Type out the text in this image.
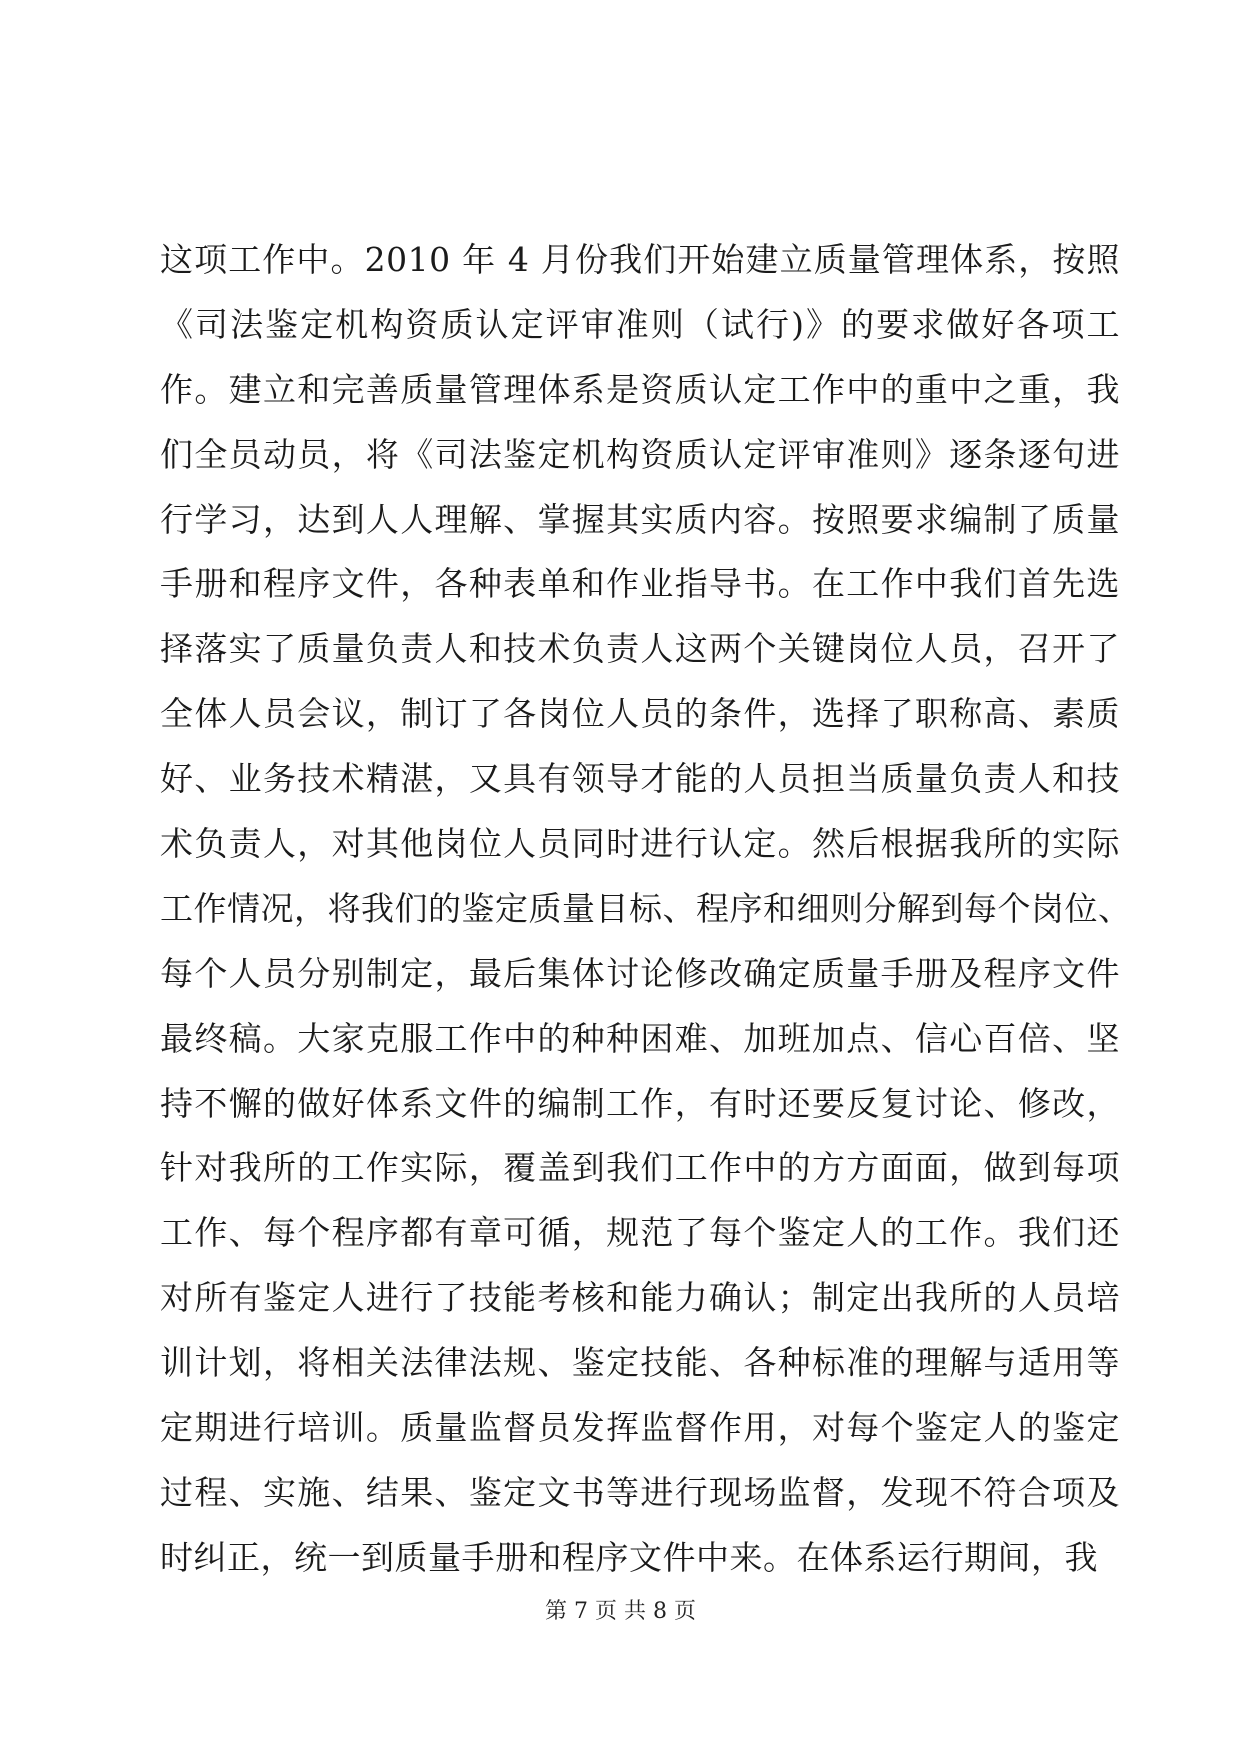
这项工作中。2010 年 4 月份我们开始建立质量管理体系，按照
《司法鉴定机构资质认定评审准则（试行)》的要求做好各项工
作。建立和完善质量管理体系是资质认定工作中的重中之重，我
们全员动员，将《司法鉴定机构资质认定评审准则》逐条逐句进
行学习，达到人人理解、掌握其实质内容。按照要求编制了质量
手册和程序文件，各种表单和作业指导书。在工作中我们首先选
择落实了质量负责人和技术负责人这两个关键岗位人员，召开了
全体人员会议，制订了各岗位人员的条件，选择了职称高、素质
好、业务技术精湛，又具有领导才能的人员担当质量负责人和技
术负责人，对其他岗位人员同时进行认定。然后根据我所的实际
工作情况，将我们的鉴定质量目标、程序和细则分解到每个岗位、
每个人员分别制定，最后集体讨论修改确定质量手册及程序文件
最终稿。大家克服工作中的种种困难、加班加点、信心百倍、坚
持不懈的做好体系文件的编制工作，有时还要反复讨论、修改，
针对我所的工作实际，覆盖到我们工作中的方方面面，做到每项
工作、每个程序都有章可循，规范了每个鉴定人的工作。我们还
对所有鉴定人进行了技能考核和能力确认；制定出我所的人员培
训计划，将相关法律法规、鉴定技能、各种标准的理解与适用等
定期进行培训。质量监督员发挥监督作用，对每个鉴定人的鉴定
过程、实施、结果、鉴定文书等进行现场监督，发现不符合项及
时纠正，统一到质量手册和程序文件中来。在体系运行期间，我
第 7 页 共 8 页
